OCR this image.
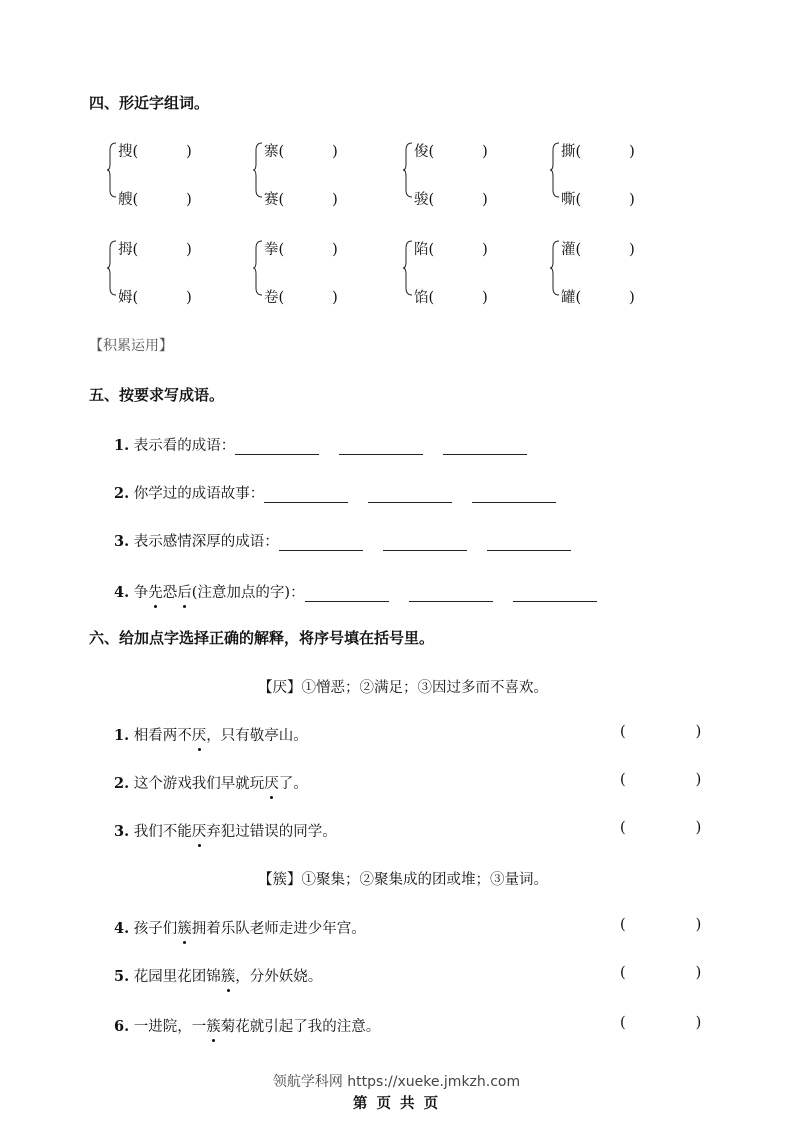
四、形近字组词。
搜(	)
艘(	)
寨(	)
赛(	)
俊(	)
骏(	)
撕(	)
嘶(	)
拇(	)
姆(	)
拳(	)
卷(	)
陷(	)
馅(	)
灌(	)
罐(	)
【积累运用】
五、按要求写成语。
1. 表示看的成语：
2. 你学过的成语故事：
3. 表示感情深厚的成语：
4. 争先恐后(注意加点的字)：
六、给加点字选择正确的解释，将序号填在括号里。
【厌】①憎恶；②满足；③因过多而不喜欢。
1. 相看两不厌，只有敬亭山。	(	)
2. 这个游戏我们早就玩厌了。	(	)
3. 我们不能厌弃犯过错误的同学。	(	)
【簇】①聚集；②聚集成的团或堆；③量词。
4. 孩子们簇拥着乐队老师走进少年宫。	(	)
5. 花园里花团锦簇，分外妖娆。	(	)
6. 一进院，一簇菊花就引起了我的注意。	(	)
领航学科网 https://xueke.jmkzh.com
第 页 共 页
